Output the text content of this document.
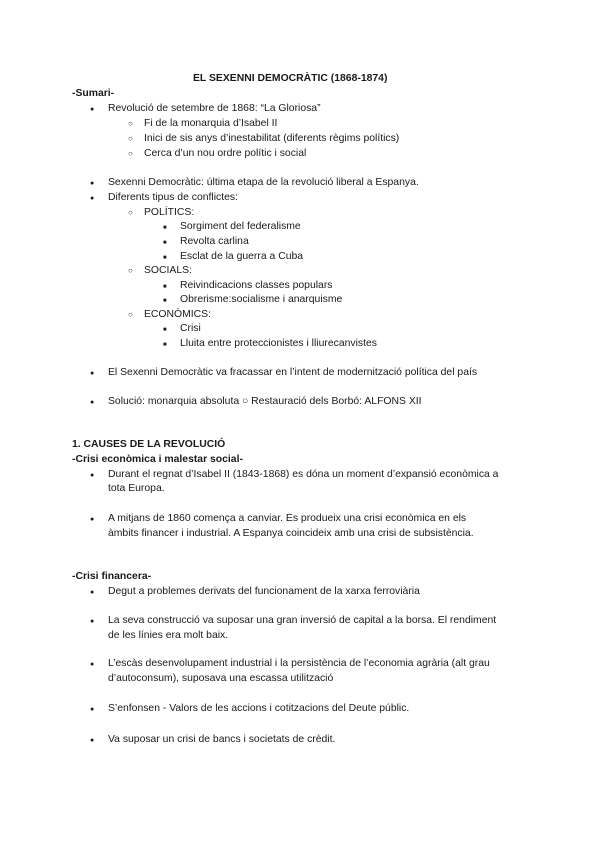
EL SEXENNI DEMOCRÀTIC (1868-1874)
-Sumari-
●
Revolució de setembre de 1868: “La Gloriosa”
○
Fi de la monarquia d’Isabel II
○
Inici de sis anys d’inestabilitat (diferents règims polítics)
○
Cerca d’un nou ordre polític i social
●
Sexenni Democràtic: última etapa de la revolució liberal a Espanya.
●
Diferents tipus de conflictes:
○
POLÍTICS:
■
Sorgiment del federalisme
■
Revolta carlina
■
Esclat de la guerra a Cuba
○
SOCIALS:
■
Reivindicacions classes populars
■
Obrerisme:socialisme i anarquisme
○
ECONÒMICS:
■
Crisi
■
Lluita entre proteccionistes i lliurecanvistes
●
El Sexenni Democràtic va fracassar en l’intent de modernització política del país
●
Solució: monarquia absoluta ○ Restauració dels Borbó: ALFONS XII
1. CAUSES DE LA REVOLUCIÓ
-Crisi econòmica i malestar social-
●
Durant el regnat d’Isabel II (1843-1868) es dóna un moment d’expansió econòmica a
tota Europa.
●
A mitjans de 1860 comença a canviar. Es produeix una crisi econòmica en els
àmbits financer i industrial. A Espanya coincideix amb una crisi de subsistència.
-Crisi financera-
●
Degut a problemes derivats del funcionament de la xarxa ferroviària
●
La seva construcció va suposar una gran inversió de capital a la borsa. El rendiment
de les línies era molt baix.
●
L’escàs desenvolupament industrial i la persistència de l’economia agrària (alt grau
d’autoconsum), suposava una escassa utilització
●
S’enfonsen - Valors de les accions i cotitzacions del Deute públic.
●
Va suposar un crisi de bancs i societats de crèdit.
